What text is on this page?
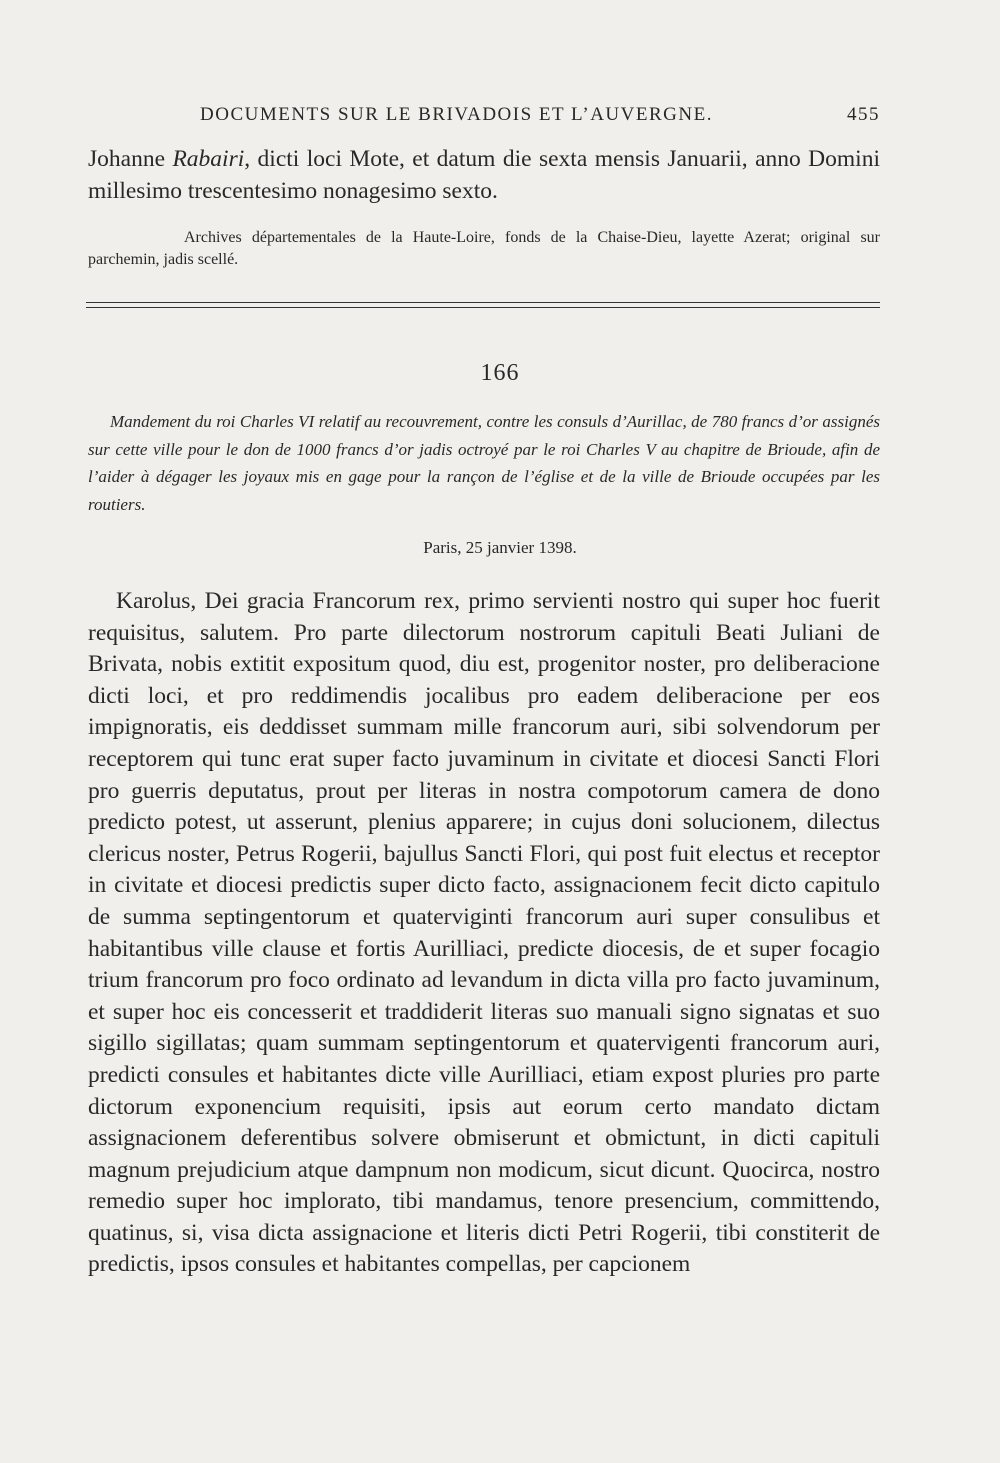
DOCUMENTS SUR LE BRIVADOIS ET L’AUVERGNE.	455

Johanne Rabairi, dicti loci Mote, et datum die sexta mensis Januarii, anno Domini millesimo trescentesimo nonagesimo sexto.

Archives départementales de la Haute-Loire, fonds de la Chaise-Dieu, layette Azerat; original sur parchemin, jadis scellé.

166

Mandement du roi Charles VI relatif au recouvrement, contre les consuls d’Aurillac, de 780 francs d’or assignés sur cette ville pour le don de 1000 francs d’or jadis octroyé par le roi Charles V au chapitre de Brioude, afin de l’aider à dégager les joyaux mis en gage pour la rançon de l’église et de la ville de Brioude occupées par les routiers.

Paris, 25 janvier 1398.

Karolus, Dei gracia Francorum rex, primo servienti nostro qui super hoc fuerit requisitus, salutem. Pro parte dilectorum nostrorum capituli Beati Juliani de Brivata, nobis extitit expositum quod, diu est, progenitor noster, pro deliberacione dicti loci, et pro reddimendis jocalibus pro eadem deliberacione per eos impignoratis, eis deddisset summam mille francorum auri, sibi solvendorum per receptorem qui tunc erat super facto juvaminum in civitate et diocesi Sancti Flori pro guerris deputatus, prout per literas in nostra compotorum camera de dono predicto potest, ut asserunt, plenius apparere; in cujus doni solucionem, dilectus clericus noster, Petrus Rogerii, bajullus Sancti Flori, qui post fuit electus et receptor in civitate et diocesi predictis super dicto facto, assignacionem fecit dicto capitulo de summa septingentorum et quaterviginti francorum auri super consulibus et habitantibus ville clause et fortis Aurilliaci, predicte diocesis, de et super focagio trium francorum pro foco ordinato ad levandum in dicta villa pro facto juvaminum, et super hoc eis concesserit et traddiderit literas suo manuali signo signatas et suo sigillo sigillatas; quam summam septingentorum et quatervigenti francorum auri, predicti consules et habitantes dicte ville Aurilliaci, etiam expost pluries pro parte dictorum exponencium requisiti, ipsis aut eorum certo mandato dictam assignacionem deferentibus solvere obmiserunt et obmictunt, in dicti capituli magnum prejudicium atque dampnum non modicum, sicut dicunt. Quocirca, nostro remedio super hoc implorato, tibi mandamus, tenore presencium, committendo, quatinus, si, visa dicta assignacione et literis dicti Petri Rogerii, tibi constiterit de predictis, ipsos consules et habitantes compellas, per capcionem
